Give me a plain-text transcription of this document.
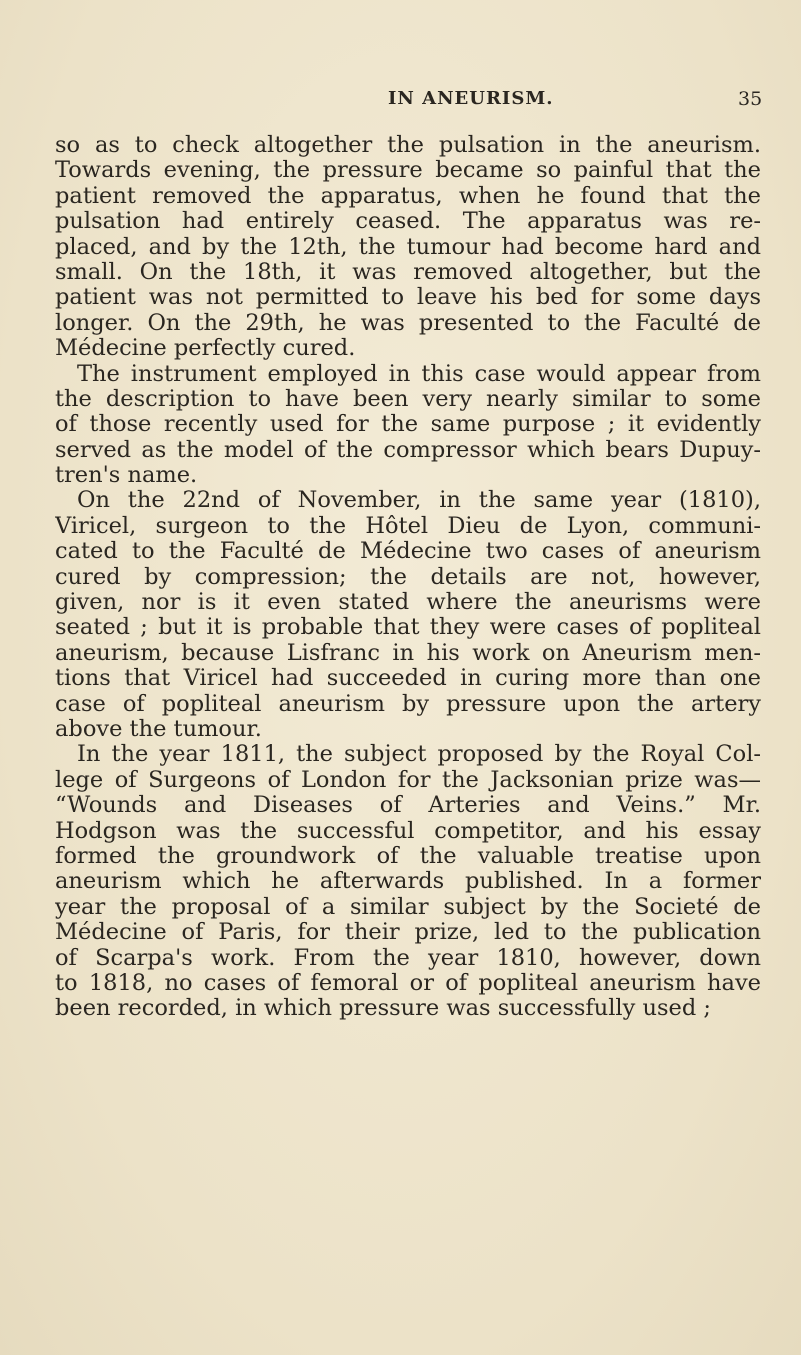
IN ANEURISM.	35
so as to check altogether the pulsation in the aneurism.
Towards evening, the pressure became so painful that the
patient removed the apparatus, when he found that the
pulsation had entirely ceased. The apparatus was re-
placed, and by the 12th, the tumour had become hard and
small. On the 18th, it was removed altogether, but the
patient was not permitted to leave his bed for some days
longer. On the 29th, he was presented to the Faculté de
Médecine perfectly cured.
The instrument employed in this case would appear from
the description to have been very nearly similar to some
of those recently used for the same purpose ; it evidently
served as the model of the compressor which bears Dupuy-
tren's name.
On the 22nd of November, in the same year (1810),
Viricel, surgeon to the Hôtel Dieu de Lyon, communi-
cated to the Faculté de Médecine two cases of aneurism
cured by compression; the details are not, however,
given, nor is it even stated where the aneurisms were
seated ; but it is probable that they were cases of popliteal
aneurism, because Lisfranc in his work on Aneurism men-
tions that Viricel had succeeded in curing more than one
case of popliteal aneurism by pressure upon the artery
above the tumour.
In the year 1811, the subject proposed by the Royal Col-
lege of Surgeons of London for the Jacksonian prize was—
“Wounds and Diseases of Arteries and Veins.” Mr.
Hodgson was the successful competitor, and his essay
formed the groundwork of the valuable treatise upon
aneurism which he afterwards published. In a former
year the proposal of a similar subject by the Societé de
Médecine of Paris, for their prize, led to the publication
of Scarpa's work. From the year 1810, however, down
to 1818, no cases of femoral or of popliteal aneurism have
been recorded, in which pressure was successfully used ;
